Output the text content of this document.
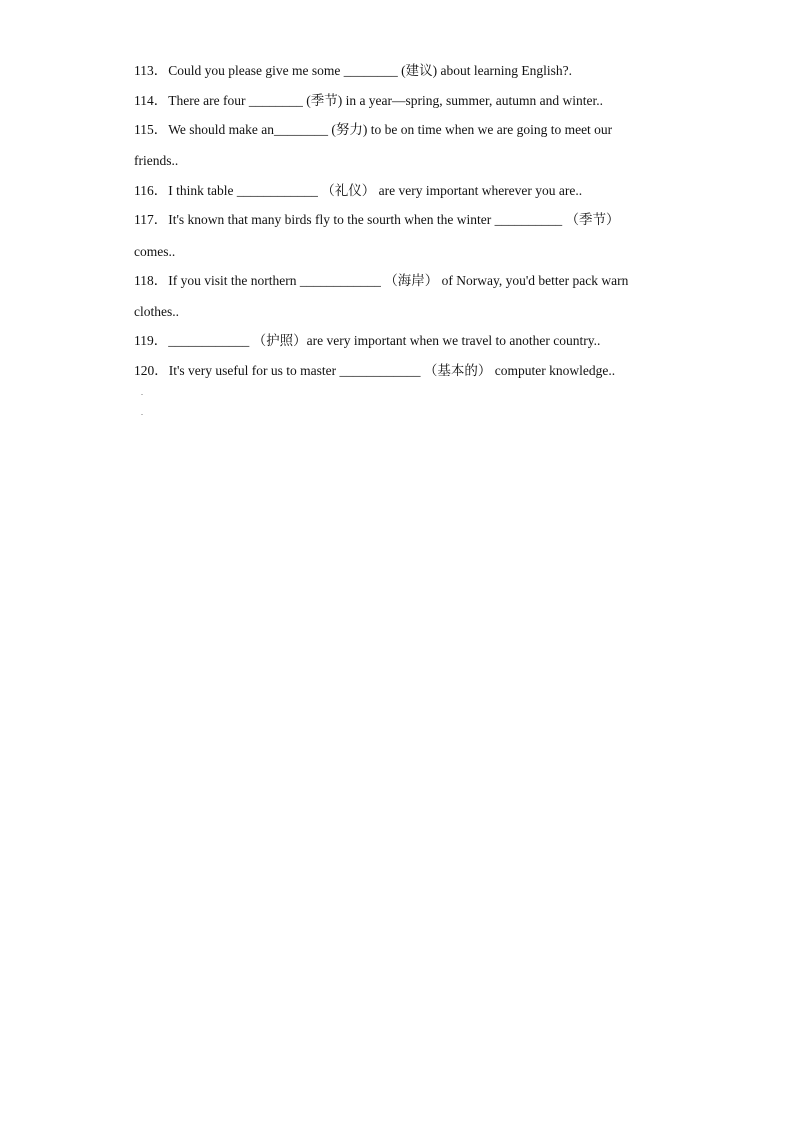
113．Could you please give me some ________ (建议) about learning English?.
114．There are four ________ (季节) in a year—spring, summer, autumn and winter..
115．We should make an________ (努力) to be on time when we are going to meet our
friends..
116．I think table ____________ （礼仪） are very important wherever you are..
117．It's known that many birds fly to the sourth when the winter __________ （季节）
comes..
118．If you visit the northern ____________ （海岸） of Norway, you'd better pack warn
clothes..
119．____________ （护照）are very important when we travel to another country..
120．It's very useful for us to master ____________ （基本的） computer knowledge..
.
.
